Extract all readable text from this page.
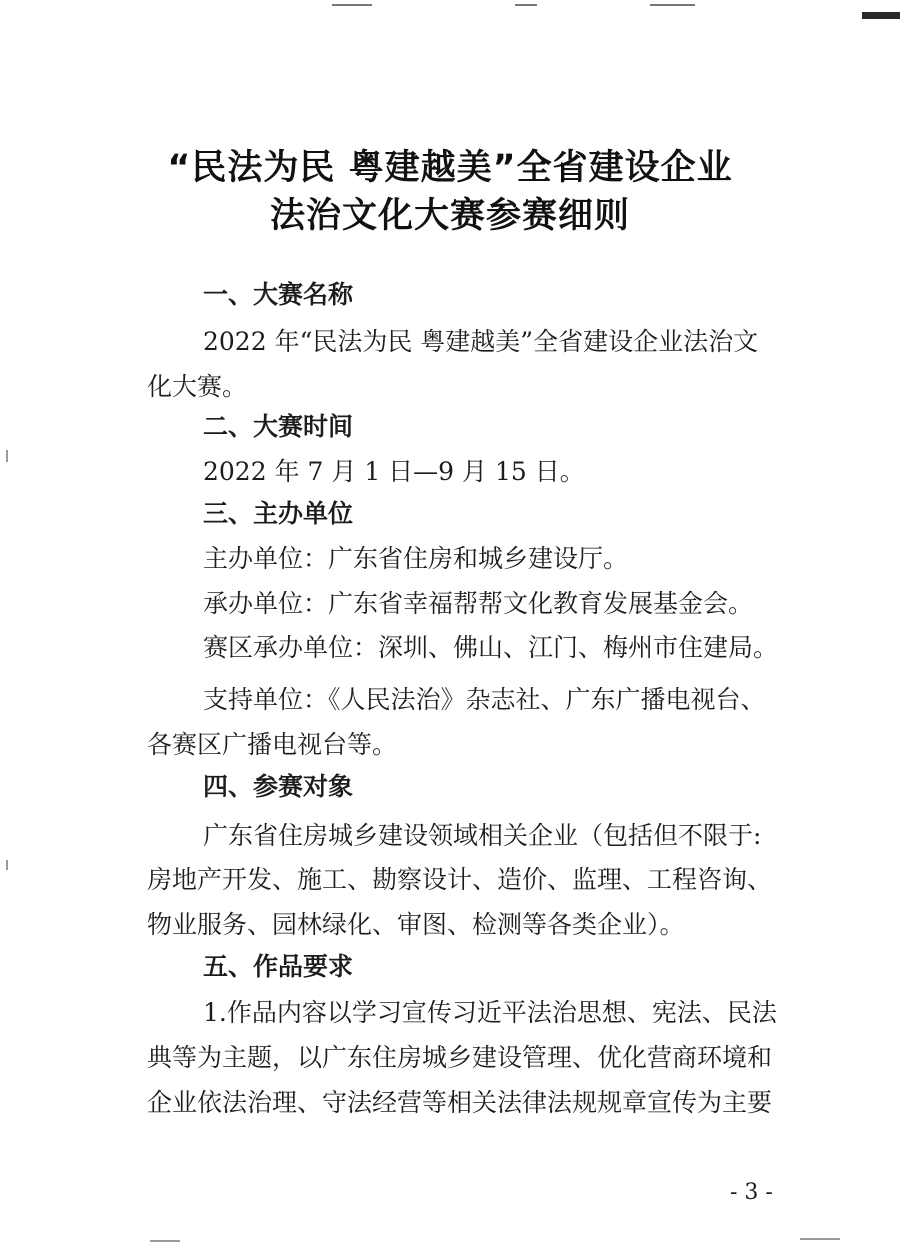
“民法为民 粤建越美”全省建设企业
法治文化大赛参赛细则
一、大赛名称
2022 年“民法为民 粤建越美”全省建设企业法治文
化大赛。
二、大赛时间
2022 年 7 月 1 日—9 月 15 日。
三、主办单位
主办单位：广东省住房和城乡建设厅。
承办单位：广东省幸福帮帮文化教育发展基金会。
赛区承办单位：深圳、佛山、江门、梅州市住建局。
支持单位：《人民法治》杂志社、广东广播电视台、
各赛区广播电视台等。
四、参赛对象
广东省住房城乡建设领域相关企业（包括但不限于:
房地产开发、施工、勘察设计、造价、监理、工程咨询、
物业服务、园林绿化、审图、检测等各类企业）。
五、作品要求
1.作品内容以学习宣传习近平法治思想、宪法、民法
典等为主题，以广东住房城乡建设管理、优化营商环境和
企业依法治理、守法经营等相关法律法规规章宣传为主要
- 3 -
